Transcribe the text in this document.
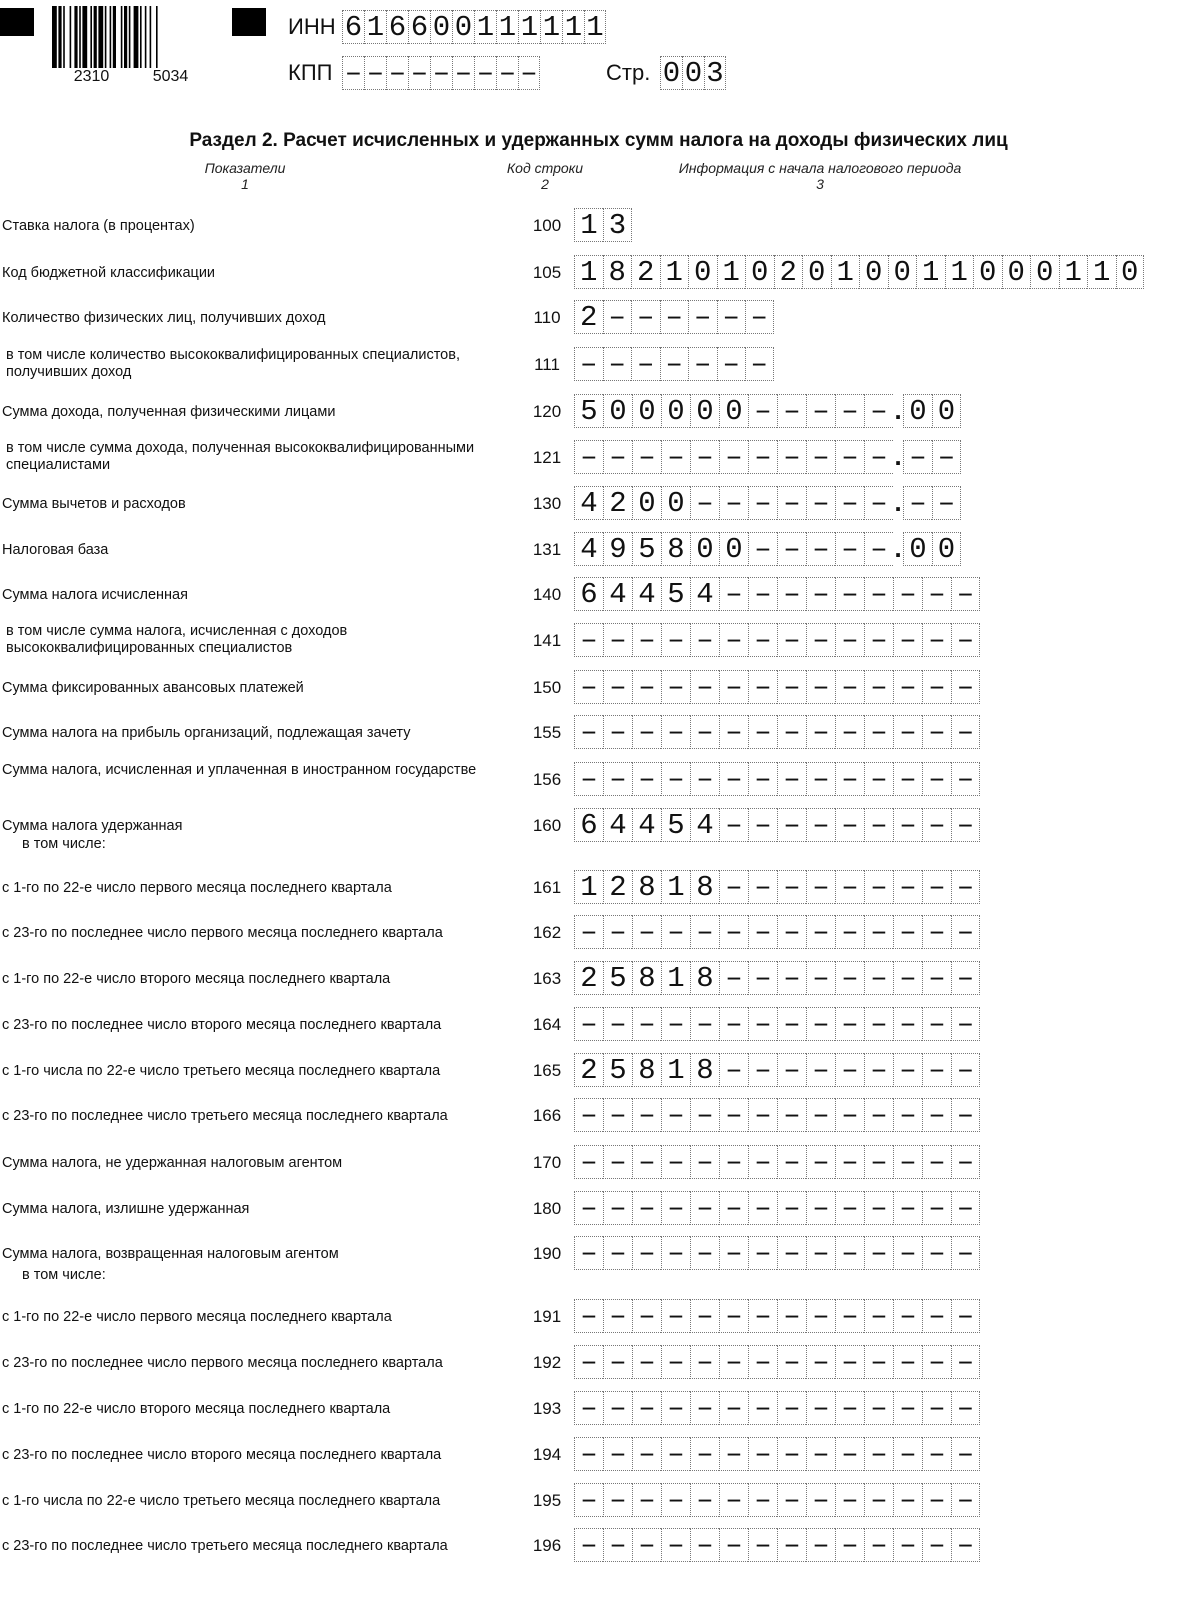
2310	5034
ИНН 6 1 6 6 0 0 1 1 1 1 1 1
КПП – – – – – – – – –	Стр. 0 0 3
Раздел 2. Расчет исчисленных и удержанных сумм налога на доходы физических лиц
Показатели
1
Код строки
2
Информация с начала налогового периода
3
в том числе:
в том числе:
Ставка налога (в процентах)	100 1 3
Код бюджетной классификации	105 1 8 2 1 0 1 0 2 0 1 0 0 1 1 0 0 0 1 1 0
Количество физических лиц, получивших доход	110 2 – – – – – –
в том числе количество высококвалифицированных специалистов, получивших доход	111 – – – – – – –
Сумма дохода, полученная физическими лицами	120 5 0 0 0 0 0 – – – – – . 0 0
в том числе сумма дохода, полученная высококвалифицированными специалистами	121 – – – – – – – – – – – . – –
Сумма вычетов и расходов	130 4 2 0 0 – – – – – – – . – –
Налоговая база	131 4 9 5 8 0 0 – – – – – . 0 0
Сумма налога исчисленная	140 6 4 4 5 4 – – – – – – – – –
в том числе сумма налога, исчисленная с доходов высококвалифицированных специалистов	141 – – – – – – – – – – – – – –
Сумма фиксированных авансовых платежей	150 – – – – – – – – – – – – – –
Сумма налога на прибыль организаций, подлежащая зачету	155 – – – – – – – – – – – – – –
Сумма налога, исчисленная и уплаченная в иностранном государстве	156 – – – – – – – – – – – – – –
Сумма налога удержанная	160 6 4 4 5 4 – – – – – – – – –
с 1-го по 22-е число первого месяца последнего квартала	161 1 2 8 1 8 – – – – – – – – –
с 23-го по последнее число первого месяца последнего квартала	162 – – – – – – – – – – – – – –
с 1-го по 22-е число второго месяца последнего квартала	163 2 5 8 1 8 – – – – – – – – –
с 23-го по последнее число второго месяца последнего квартала	164 – – – – – – – – – – – – – –
с 1-го числа по 22-е число третьего месяца последнего квартала	165 2 5 8 1 8 – – – – – – – – –
с 23-го по последнее число третьего месяца последнего квартала	166 – – – – – – – – – – – – – –
Сумма налога, не удержанная налоговым агентом	170 – – – – – – – – – – – – – –
Сумма налога, излишне удержанная	180 – – – – – – – – – – – – – –
Сумма налога, возвращенная налоговым агентом	190 – – – – – – – – – – – – – –
с 1-го по 22-е число первого месяца последнего квартала	191 – – – – – – – – – – – – – –
с 23-го по последнее число первого месяца последнего квартала	192 – – – – – – – – – – – – – –
с 1-го по 22-е число второго месяца последнего квартала	193 – – – – – – – – – – – – – –
с 23-го по последнее число второго месяца последнего квартала	194 – – – – – – – – – – – – – –
с 1-го числа по 22-е число третьего месяца последнего квартала	195 – – – – – – – – – – – – – –
с 23-го по последнее число третьего месяца последнего квартала	196 – – – – – – – – – – – – – –
